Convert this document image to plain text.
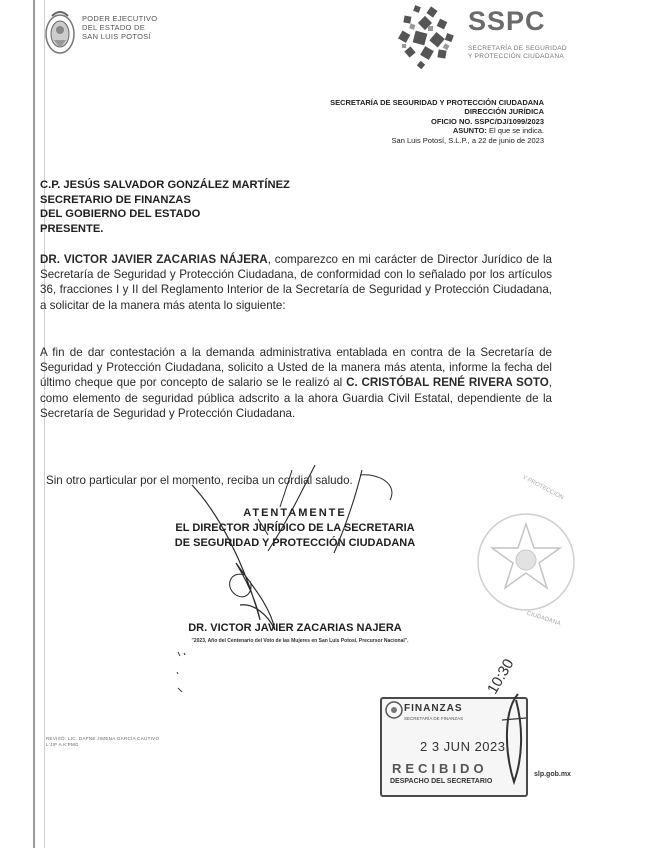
PODER EJECUTIVO
DEL ESTADO DE
SAN LUIS POTOSÍ
SSPC
SECRETARÍA DE SEGURIDAD
Y PROTECCIÓN CIUDADANA
SECRETARÍA DE SEGURIDAD Y PROTECCIÓN CIUDADANA
DIRECCIÓN JURÍDICA
OFICIO NO. SSPC/DJ/1099/2023
ASUNTO: El que se indica.
San Luis Potosí, S.L.P., a 22 de junio de 2023
C.P. JESÚS SALVADOR GONZÁLEZ MARTÍNEZ
SECRETARIO DE FINANZAS
DEL GOBIERNO DEL ESTADO
PRESENTE.
DR. VICTOR JAVIER ZACARIAS NÁJERA, comparezco en mi carácter de Director Jurídico de la Secretaría de Seguridad y Protección Ciudadana, de conformidad con lo señalado por los artículos 36, fracciones I y II del Reglamento Interior de la Secretaría de Seguridad y Protección Ciudadana, a solicitar de la manera más atenta lo siguiente:
A fin de dar contestación a la demanda administrativa entablada en contra de la Secretaría de Seguridad y Protección Ciudadana, solicito a Usted de la manera más atenta, informe la fecha del último cheque que por concepto de salario se le realizó al C. CRISTÓBAL RENÉ RIVERA SOTO, como elemento de seguridad pública adscrito a la ahora Guardia Civil Estatal, dependiente de la Secretaría de Seguridad y Protección Ciudadana.
Sin otro particular por el momento, reciba un cordial saludo.	Y PROTECCIÓN
CIUDADANA
ATENTAMENTE
EL DIRECTOR JURÍDICO DE LA SECRETARIA
DE SEGURIDAD Y PROTECCIÓN CIUDADANA
DR. VICTOR JAVIER ZACARIAS NAJERA
"2023, Año del Centenario del Voto de las Mujeres en San Luis Potosí, Precursor Nacional".
REVISÓ: LIC. DAFNE JIMENA GARCÍA CAUTIVO
L'JIP A K'PMG
FINANZAS
SECRETARÍA DE FINANZAS
2 3 JUN 2023
RECIBIDO
DESPACHO DEL SECRETARIO
10:30
slp.gob.mx
